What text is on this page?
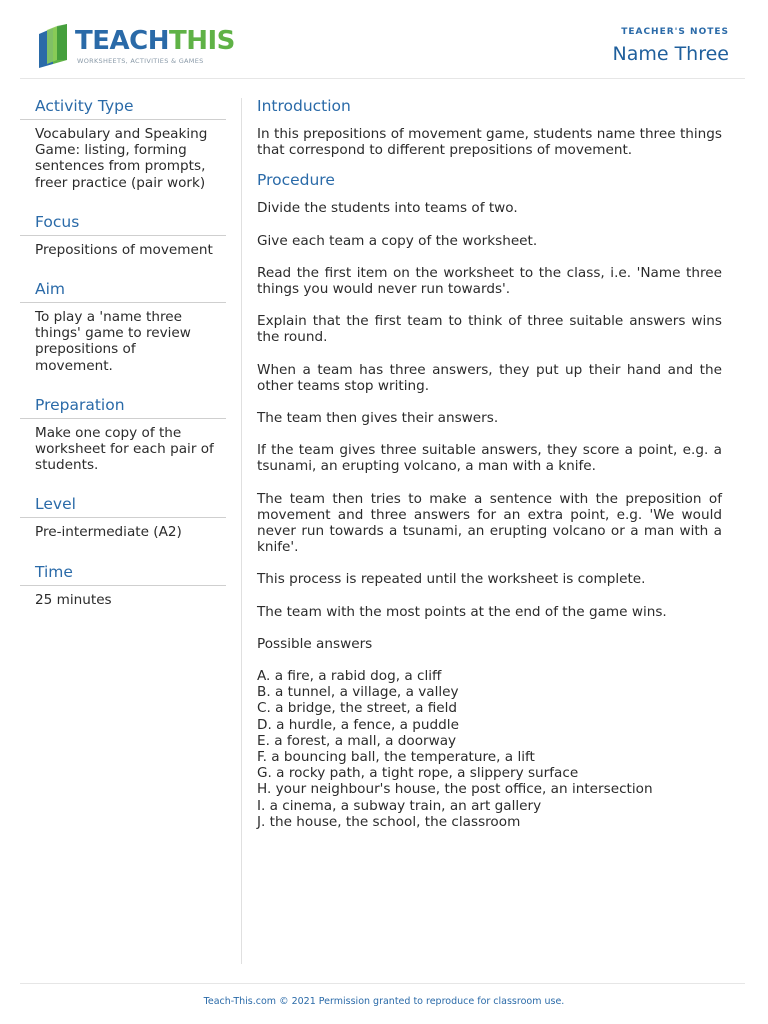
TEACHTHIS
WORKSHEETS, ACTIVITIES & GAMES
TEACHER'S NOTES
Name Three
Activity Type
Vocabulary and Speaking Game: listing, forming sentences from prompts, freer practice (pair work)
Focus
Prepositions of movement
Aim
To play a 'name three things' game to review prepositions of movement.
Preparation
Make one copy of the worksheet for each pair of students.
Level
Pre-intermediate (A2)
Time
25 minutes
Introduction

In this prepositions of movement game, students name three things that correspond to different prepositions of movement.

Procedure

Divide the students into teams of two.

Give each team a copy of the worksheet.

Read the first item on the worksheet to the class, i.e. 'Name three things you would never run towards'.

Explain that the first team to think of three suitable answers wins the round.

When a team has three answers, they put up their hand and the other teams stop writing.

The team then gives their answers.

If the team gives three suitable answers, they score a point, e.g. a tsunami, an erupting volcano, a man with a knife.

The team then tries to make a sentence with the preposition of movement and three answers for an extra point, e.g. 'We would never run towards a tsunami, an erupting volcano or a man with a knife'.

This process is repeated until the worksheet is complete.

The team with the most points at the end of the game wins.

Possible answers

A. a fire, a rabid dog, a cliff
B. a tunnel, a village, a valley
C. a bridge, the street, a field
D. a hurdle, a fence, a puddle
E. a forest, a mall, a doorway
F. a bouncing ball, the temperature, a lift
G. a rocky path, a tight rope, a slippery surface
H. your neighbour's house, the post office, an intersection
I. a cinema, a subway train, an art gallery
J. the house, the school, the classroom
Teach-This.com © 2021 Permission granted to reproduce for classroom use.
